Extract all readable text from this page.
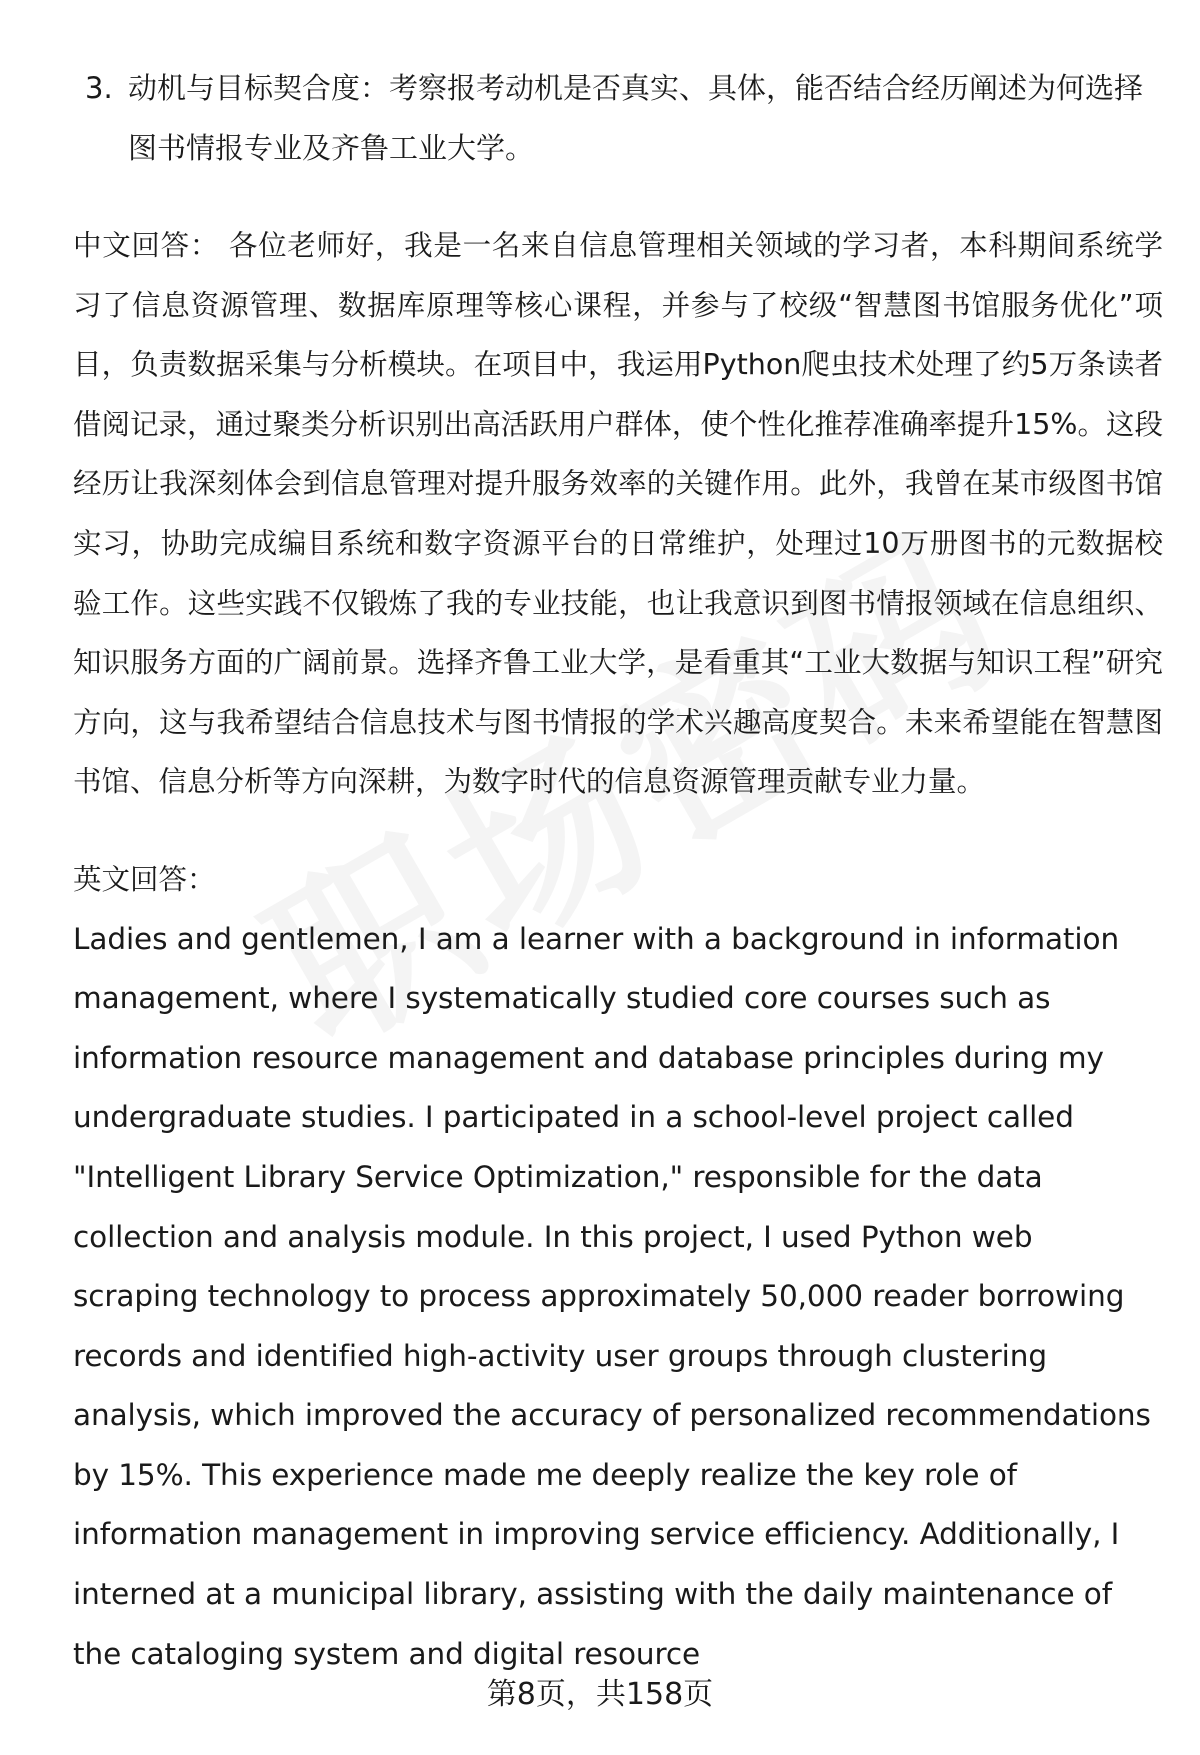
3. 动机与目标契合度：考察报考动机是否真实、具体，能否结合经历阐述为何选择图书情报专业及齐鲁工业大学。
中文回答： 各位老师好，我是一名来自信息管理相关领域的学习者，本科期间系统学习了信息资源管理、数据库原理等核心课程，并参与了校级“智慧图书馆服务优化”项目，负责数据采集与分析模块。在项目中，我运用Python爬虫技术处理了约5万条读者借阅记录，通过聚类分析识别出高活跃用户群体，使个性化推荐准确率提升15%。这段经历让我深刻体会到信息管理对提升服务效率的关键作用。此外，我曾在某市级图书馆实习，协助完成编目系统和数字资源平台的日常维护，处理过10万册图书的元数据校验工作。这些实践不仅锻炼了我的专业技能，也让我意识到图书情报领域在信息组织、知识服务方面的广阔前景。选择齐鲁工业大学，是看重其“工业大数据与知识工程”研究方向，这与我希望结合信息技术与图书情报的学术兴趣高度契合。未来希望能在智慧图书馆、信息分析等方向深耕，为数字时代的信息资源管理贡献专业力量。
英文回答：
Ladies and gentlemen, I am a learner with a background in information management, where I systematically studied core courses such as information resource management and database principles during my undergraduate studies. I participated in a school-level project called "Intelligent Library Service Optimization," responsible for the data collection and analysis module. In this project, I used Python web scraping technology to process approximately 50,000 reader borrowing records and identified high-activity user groups through clustering analysis, which improved the accuracy of personalized recommendations by 15%. This experience made me deeply realize the key role of information management in improving service efficiency. Additionally, I interned at a municipal library, assisting with the daily maintenance of the cataloging system and digital resource
第8页，共158页
